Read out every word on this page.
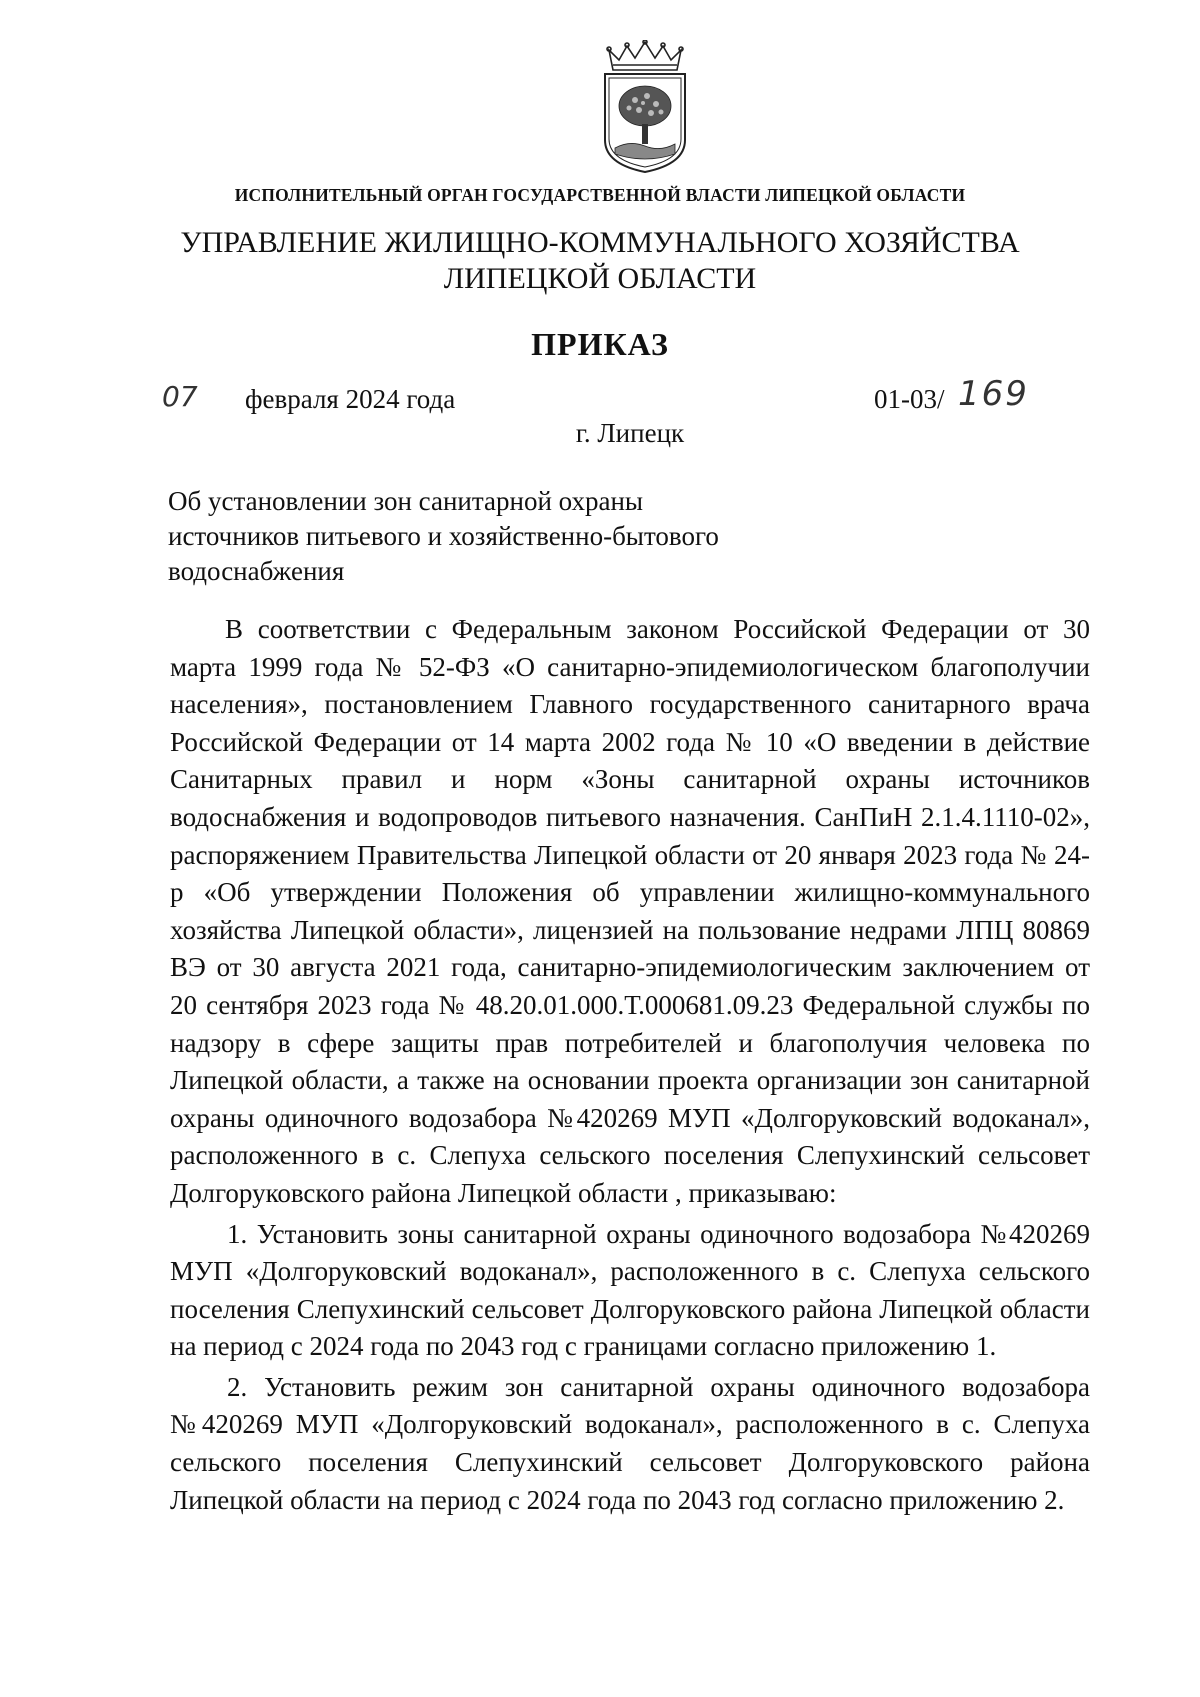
ИСПОЛНИТЕЛЬНЫЙ ОРГАН ГОСУДАРСТВЕННОЙ ВЛАСТИ ЛИПЕЦКОЙ ОБЛАСТИ
УПРАВЛЕНИЕ ЖИЛИЩНО-КОММУНАЛЬНОГО ХОЗЯЙСТВА
ЛИПЕЦКОЙ ОБЛАСТИ
ПРИКАЗ
07 февраля 2024 года	01-03/ 169
г. Липецк
Об установлении зон санитарной охраны
источников питьевого и хозяйственно-бытового
водоснабжения

В соответствии с Федеральным законом Российской Федерации от 30 марта 1999 года № 52-ФЗ «О санитарно-эпидемиологическом благополучии населения», постановлением Главного государственного санитарного врача Российской Федерации от 14 марта 2002 года № 10 «О введении в действие Санитарных правил и норм «Зоны санитарной охраны источников водоснабжения и водопроводов питьевого назначения. СанПиН 2.1.4.1110-02», распоряжением Правительства Липецкой области от 20 января 2023 года № 24-р «Об утверждении Положения об управлении жилищно-коммунального хозяйства Липецкой области», лицензией на пользование недрами ЛПЦ 80869 ВЭ от 30 августа 2021 года, санитарно-эпидемиологическим заключением от 20 сентября 2023 года № 48.20.01.000.Т.000681.09.23 Федеральной службы по надзору в сфере защиты прав потребителей и благополучия человека по Липецкой области, а также на основании проекта организации зон санитарной охраны одиночного водозабора №420269 МУП «Долгоруковский водоканал», расположенного в с. Слепуха сельского поселения Слепухинский сельсовет Долгоруковского района Липецкой области , приказываю:

1. Установить зоны санитарной охраны одиночного водозабора №420269 МУП «Долгоруковский водоканал», расположенного в с. Слепуха сельского поселения Слепухинский сельсовет Долгоруковского района Липецкой области на период с 2024 года по 2043 год с границами согласно приложению 1.

2. Установить режим зон санитарной охраны одиночного водозабора №420269 МУП «Долгоруковский водоканал», расположенного в с. Слепуха сельского поселения Слепухинский сельсовет Долгоруковского района Липецкой области на период с 2024 года по 2043 год согласно приложению 2.
